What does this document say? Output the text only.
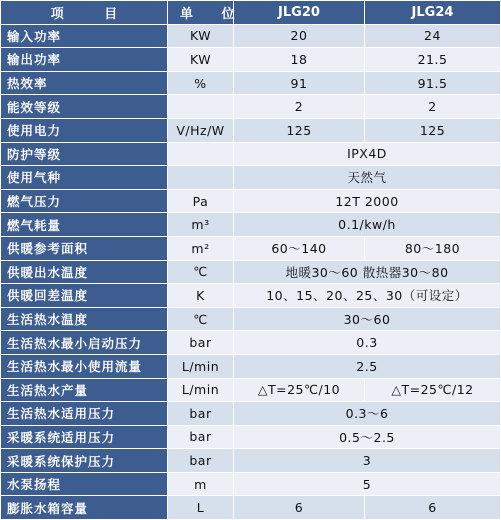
项 目	单 位	JLG20	JLG24
输入功率	KW	20	24
输出功率	KW	18	21.5
热效率	%	91	91.5
能效等级		2	2
使用电力	V/Hz/W	125	125
防护等级		IPX4D	
使用气种		天然气	
燃气压力	Pa	12T 2000	
燃气耗量	m³	0.1/kw/h	
供暖参考面积	m²	60～140	80～180
供暖出水温度	℃	地暖30～60 散热器30～80	
供暖回差温度	K	10、15、20、25、30（可设定）	
生活热水温度	℃	30～60	
生活热水最小启动压力	bar	0.3	
生活热水最小使用流量	L/min	2.5	
生活热水产量	L/min	△T=25℃/10	△T=25℃/12
生活热水适用压力	bar	0.3～6	
采暖系统适用压力	bar	0.5～2.5	
采暖系统保护压力	bar	3	
水泵扬程	m	5	
膨胀水箱容量	L	6	6
